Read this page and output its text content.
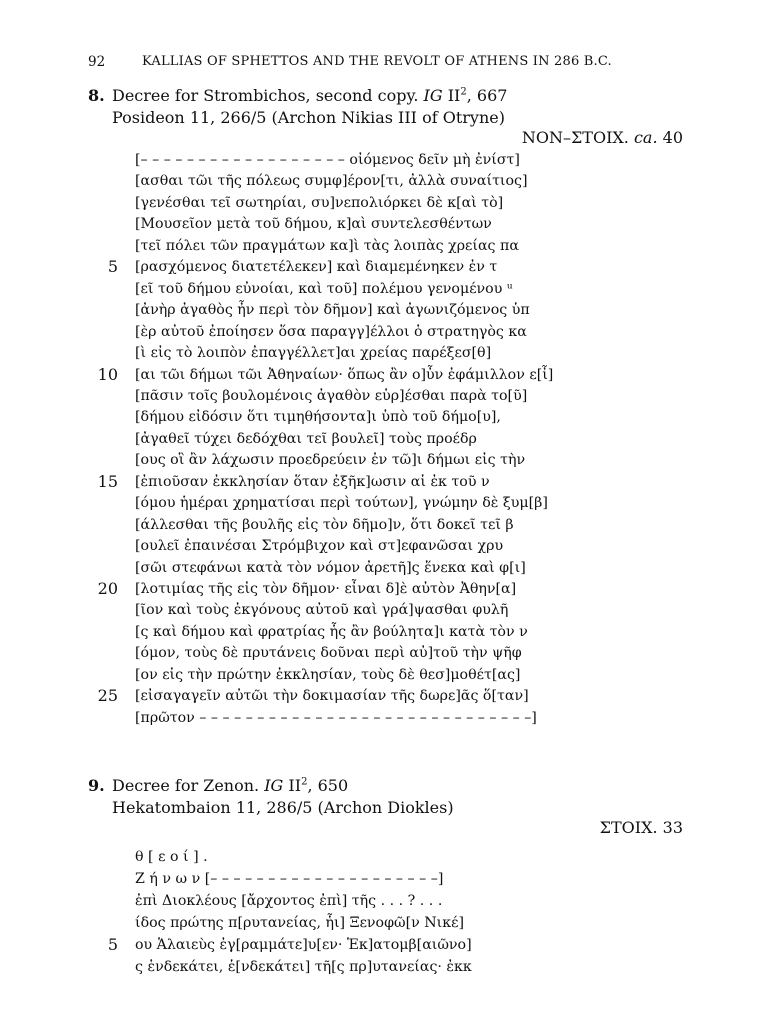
92	KALLIAS OF SPHETTOS AND THE REVOLT OF ATHENS IN 286 B.C.
8. Decree for Strombichos, second copy. IG $II^2$, 667
Posideon 11, 266/5 (Archon Nikias III of Otryne)
NON–ΣΤΟΙΧ. ca. 40
[– – – – – – – – – – – – – – – – – – οἰόμενος δεῖν μὴ ἐνίστ]
[ασθαι τῶι τῆς πόλεως συμφ]έρον[τι, ἀλλὰ συναίτιος]
[γενέσθαι τεῖ σωτηρίαι, συ]νεπολιόρκει δὲ κ[αὶ τὸ]
[Μουσεῖον μετὰ τοῦ δήμου, κ]αὶ συντελεσθέντων
[τεῖ πόλει τῶν πραγμάτων κα]ὶ τὰς λοιπὰς χρείας πα
[ρασχόμενος διατετέλεκεν] καὶ διαμεμένηκεν ἐν τ
[εῖ τοῦ δήμου εὐνοίαι, καὶ τοῦ] πολέμου γενομένου ᵘ
[ἀνὴρ ἀγαθὸς ἦν περὶ τὸν δῆμον] καὶ ἀγωνιζόμενος ὑπ
[ὲρ αὐτοῦ ἐποίησεν ὅσα παραγγ]έλλοι ὁ στρατηγὸς κα
[ὶ εἰς τὸ λοιπὸν ἐπαγγέλλετ]αι χρείας παρέξεσ[θ]
[αι τῶι δήμωι τῶι Ἀθηναίων· ὅπως ἂν ο]ὖν ἐφάμιλλον ε[ἶ]
[πᾶσιν τοῖς βουλομένοις ἀγαθὸν εὑρ]έσθαι παρὰ το[ῦ]
[δήμου εἰδόσιν ὅτι τιμηθήσοντα]ι ὑπὸ τοῦ δήμο[υ],
[ἀγαθεῖ τύχει δεδόχθαι τεῖ βουλεῖ] τοὺς προέδρ
[ους οἳ ἂν λάχωσιν προεδρεύειν ἐν τῶ]ι δήμωι εἰς τὴν
[ἐπιοῦσαν ἐκκλησίαν ὅταν ἐξῆκ]ωσιν αἱ ἐκ τοῦ ν
[όμου ἡμέραι χρηματίσαι περὶ τούτων], γνώμην δὲ ξυμ[β]
[άλλεσθαι τῆς βουλῆς εἰς τὸν δῆμο]ν, ὅτι δοκεῖ τεῖ β
[ουλεῖ ἐπαινέσαι Στρόμβιχον καὶ στ]εφανῶσαι χρυ
[σῶι στεφάνωι κατὰ τὸν νόμον ἀρετῆ]ς ἕνεκα καὶ φ[ι]
[λοτιμίας τῆς εἰς τὸν δῆμον· εἶναι δ]ὲ αὐτὸν Ἀθην[α]
[ῖον καὶ τοὺς ἐκγόνους αὐτοῦ καὶ γρά]ψασθαι φυλῆ
[ς καὶ δήμου καὶ φρατρίας ἧς ἂν βούλητα]ι κατὰ τὸν ν
[όμον, τοὺς δὲ πρυτάνεις δοῦναι περὶ αὐ]τοῦ τὴν ψῆφ
[ον εἰς τὴν πρώτην ἐκκλησίαν, τοὺς δὲ θεσ]μοθέτ[ας]
[εἰσαγαγεῖν αὐτῶι τὴν δοκιμασίαν τῆς δωρε]ᾶς ὅ[ταν]
[πρῶτον – – – – – – – – – – – – – – – – – – – – – – – – – – – – –]
5
10
15
20
25
9. Decree for Zenon. IG $II^2$, 650
Hekatombaion 11, 286/5 (Archon Diokles)
ΣΤΟΙΧ. 33
θ [ ε ο ί ] .
Ζ ή ν ω ν [– – – – – – – – – – – – – – – – – – – –]
ἐπὶ Διοκλέους [ἄρχοντος ἐπὶ] τῆς . . . ? . . .
ίδος πρώτης π[ρυτανείας, ἧι] Ξενοφῶ[ν Νικέ]
ου Ἁλαιεὺς ἐγ[ραμμάτε]υ[εν· Ἑκ]ατομβ[αιῶνο]
ς ἑνδεκάτει, ἑ[νδεκάτει] τῆ[ς πρ]υτανείας· ἐκκ
5
